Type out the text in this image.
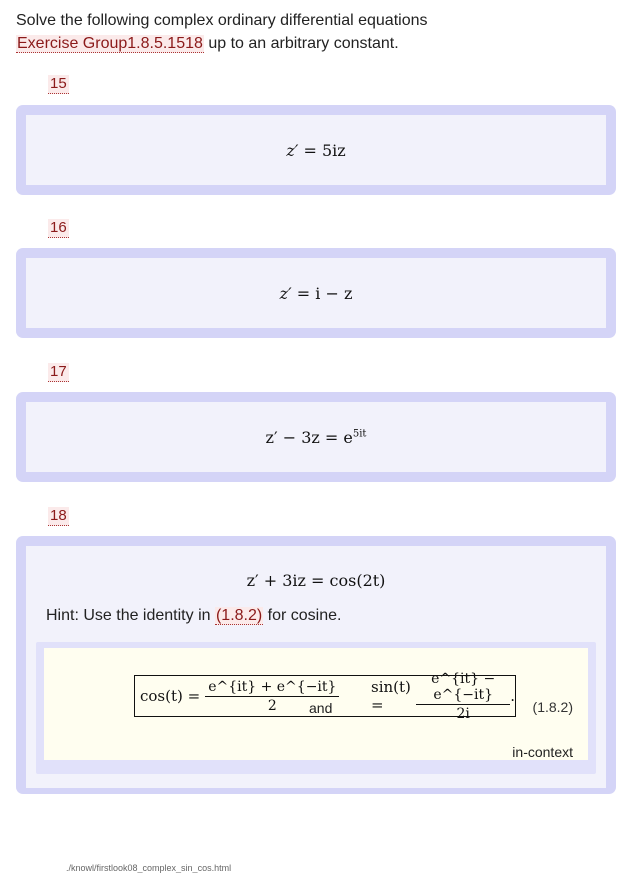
Solve the following complex ordinary differential equations
Exercise Group1.8.5.1518 up to an arbitrary constant.
15
z′ = 5iz
16
z′ = i − z
17
$z' - 3z = e^{5it}$
18
z′ + 3iz = cos(2t)
Hint: Use the identity in (1.8.2) for cosine.
$\cos(t) = \frac{e\^{}\{it\} + e\^{}\{-it\}}{2} \sin(t)$ =	$\frac{e\^{}\{it\} - e\^{}\{-it\}}{2i}$ .
and	(1.8.2)
in-context
./knowl/firstlook08_complex_sin_cos.html
